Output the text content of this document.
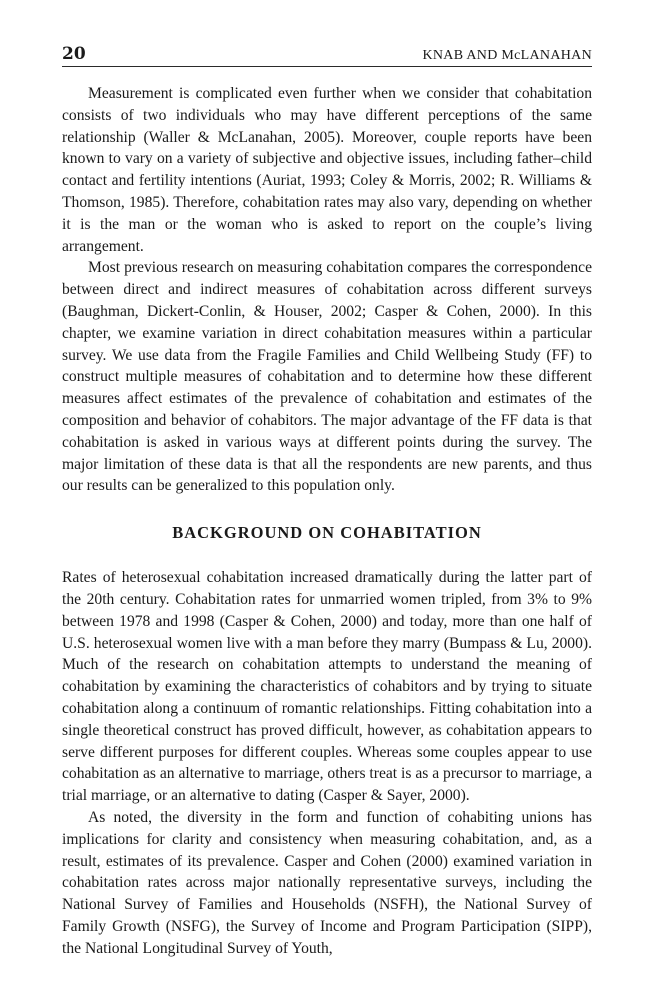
20	KNAB AND McLANAHAN

Measurement is complicated even further when we consider that cohabitation consists of two individuals who may have different perceptions of the same relationship (Waller & McLanahan, 2005). Moreover, couple reports have been known to vary on a variety of subjective and objective issues, including father–child contact and fertility intentions (Auriat, 1993; Coley & Morris, 2002; R. Williams & Thomson, 1985). Therefore, cohabitation rates may also vary, depending on whether it is the man or the woman who is asked to report on the couple’s living arrangement.

Most previous research on measuring cohabitation compares the correspondence between direct and indirect measures of cohabitation across different surveys (Baughman, Dickert-Conlin, & Houser, 2002; Casper & Cohen, 2000). In this chapter, we examine variation in direct cohabitation measures within a particular survey. We use data from the Fragile Families and Child Wellbeing Study (FF) to construct multiple measures of cohabitation and to determine how these different measures affect estimates of the prevalence of cohabitation and estimates of the composition and behavior of cohabitors. The major advantage of the FF data is that cohabitation is asked in various ways at different points during the survey. The major limitation of these data is that all the respondents are new parents, and thus our results can be generalized to this population only.

BACKGROUND ON COHABITATION

Rates of heterosexual cohabitation increased dramatically during the latter part of the 20th century. Cohabitation rates for unmarried women tripled, from 3% to 9% between 1978 and 1998 (Casper & Cohen, 2000) and today, more than one half of U.S. heterosexual women live with a man before they marry (Bumpass & Lu, 2000). Much of the research on cohabitation attempts to understand the meaning of cohabitation by examining the characteristics of cohabitors and by trying to situate cohabitation along a continuum of romantic relationships. Fitting cohabitation into a single theoretical construct has proved difficult, however, as cohabitation appears to serve different purposes for different couples. Whereas some couples appear to use cohabitation as an alternative to marriage, others treat is as a precursor to marriage, a trial marriage, or an alternative to dating (Casper & Sayer, 2000).

As noted, the diversity in the form and function of cohabiting unions has implications for clarity and consistency when measuring cohabitation, and, as a result, estimates of its prevalence. Casper and Cohen (2000) examined variation in cohabitation rates across major nationally representative surveys, including the National Survey of Families and Households (NSFH), the National Survey of Family Growth (NSFG), the Survey of Income and Program Participation (SIPP), the National Longitudinal Survey of Youth,
